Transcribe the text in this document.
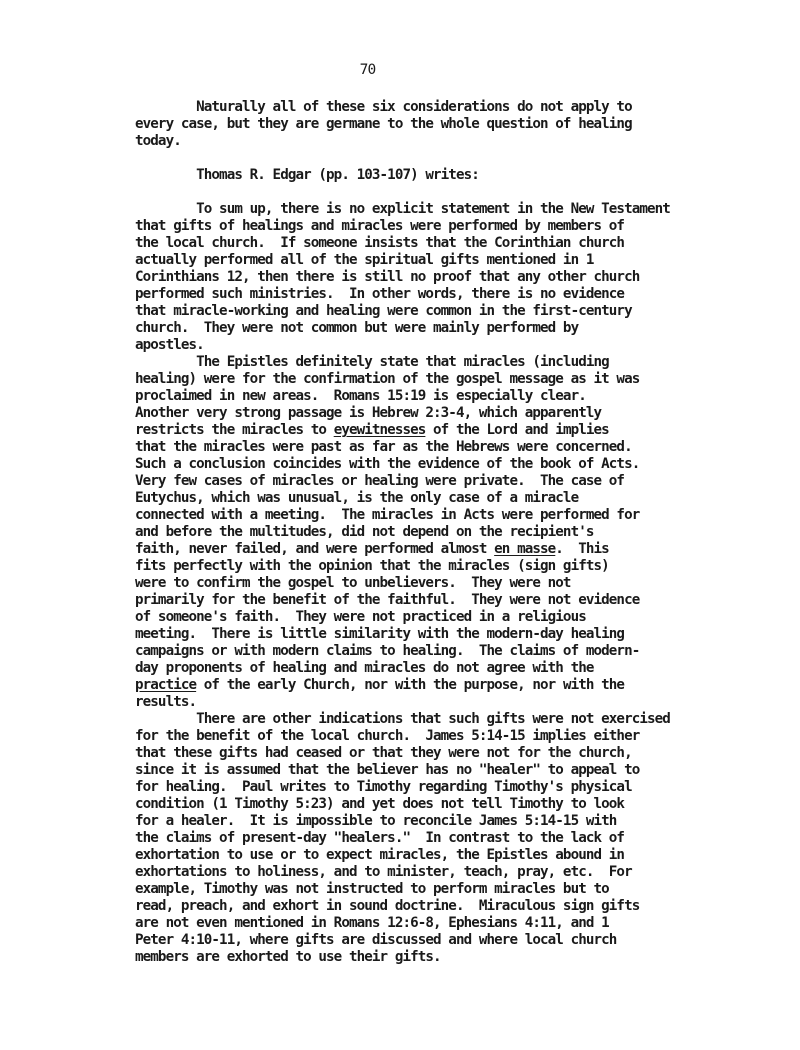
70
Naturally all of these six considerations do not apply to
every case, but they are germane to the whole question of healing
today.
Thomas R. Edgar (pp. 103-107) writes:
To sum up, there is no explicit statement in the New Testament
that gifts of healings and miracles were performed by members of
the local church.  If someone insists that the Corinthian church
actually performed all of the spiritual gifts mentioned in 1
Corinthians 12, then there is still no proof that any other church
performed such ministries.  In other words, there is no evidence
that miracle-working and healing were common in the first-century
church.  They were not common but were mainly performed by
apostles.
The Epistles definitely state that miracles (including
healing) were for the confirmation of the gospel message as it was
proclaimed in new areas.  Romans 15:19 is especially clear.
Another very strong passage is Hebrew 2:3-4, which apparently
restricts the miracles to eyewitnesses of the Lord and implies
that the miracles were past as far as the Hebrews were concerned.
Such a conclusion coincides with the evidence of the book of Acts.
Very few cases of miracles or healing were private.  The case of
Eutychus, which was unusual, is the only case of a miracle
connected with a meeting.  The miracles in Acts were performed for
and before the multitudes, did not depend on the recipient's
faith, never failed, and were performed almost en masse.  This
fits perfectly with the opinion that the miracles (sign gifts)
were to confirm the gospel to unbelievers.  They were not
primarily for the benefit of the faithful.  They were not evidence
of someone's faith.  They were not practiced in a religious
meeting.  There is little similarity with the modern-day healing
campaigns or with modern claims to healing.  The claims of modern-
day proponents of healing and miracles do not agree with the
practice of the early Church, nor with the purpose, nor with the
results.
There are other indications that such gifts were not exercised
for the benefit of the local church.  James 5:14-15 implies either
that these gifts had ceased or that they were not for the church,
since it is assumed that the believer has no "healer" to appeal to
for healing.  Paul writes to Timothy regarding Timothy's physical
condition (1 Timothy 5:23) and yet does not tell Timothy to look
for a healer.  It is impossible to reconcile James 5:14-15 with
the claims of present-day "healers."  In contrast to the lack of
exhortation to use or to expect miracles, the Epistles abound in
exhortations to holiness, and to minister, teach, pray, etc.  For
example, Timothy was not instructed to perform miracles but to
read, preach, and exhort in sound doctrine.  Miraculous sign gifts
are not even mentioned in Romans 12:6-8, Ephesians 4:11, and 1
Peter 4:10-11, where gifts are discussed and where local church
members are exhorted to use their gifts.
